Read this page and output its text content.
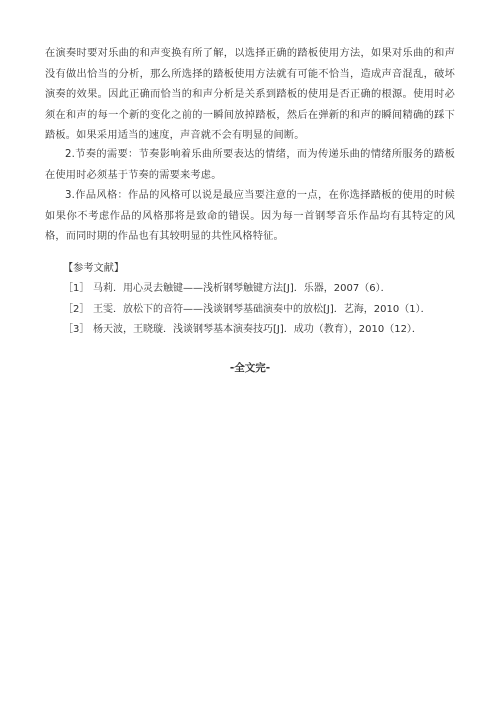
在演奏时要对乐曲的和声变换有所了解，以选择正确的踏板使用方法，如果对乐曲的和声没有做出恰当的分析，那么所选择的踏板使用方法就有可能不恰当，造成声音混乱，破坏演奏的效果。因此正确而恰当的和声分析是关系到踏板的使用是否正确的根源。使用时必须在和声的每一个新的变化之前的一瞬间放掉踏板，然后在弹新的和声的瞬间精确的踩下踏板。如果采用适当的速度，声音就不会有明显的间断。

2.节奏的需要：节奏影响着乐曲所要表达的情绪，而为传递乐曲的情绪所服务的踏板在使用时必须基于节奏的需要来考虑。

3.作品风格：作品的风格可以说是最应当要注意的一点，在你选择踏板的使用的时候如果你不考虑作品的风格那将是致命的错误。因为每一首钢琴音乐作品均有其特定的风格，而同时期的作品也有其较明显的共性风格特征。

【参考文献】

［1］ 马莉．用心灵去触键——浅析钢琴触键方法[J]．乐器，2007（6）．

［2］ 王雯．放松下的音符——浅谈钢琴基础演奏中的放松[J]．艺海，2010（1）．

［3］ 杨天波，王晓璇．浅谈钢琴基本演奏技巧[J]．成功（教育），2010（12）．

-全文完-
